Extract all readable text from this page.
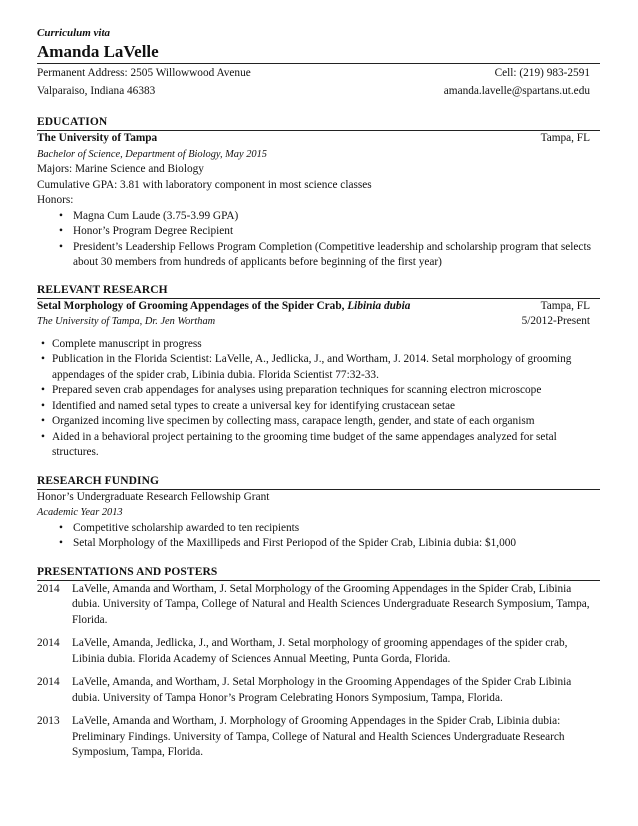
Curriculum vita
Amanda LaVelle
Permanent Address: 2505 Willowwood Avenue	Cell: (219) 983-2591
Valparaiso, Indiana 46383	amanda.lavelle@spartans.ut.edu
EDUCATION
The University of Tampa	Tampa, FL
Bachelor of Science, Department of Biology, May 2015
Majors: Marine Science and Biology
Cumulative GPA: 3.81 with laboratory component in most science classes
Honors:
• Magna Cum Laude (3.75-3.99 GPA)
• Honor’s Program Degree Recipient
• President’s Leadership Fellows Program Completion (Competitive leadership and scholarship program that selects about 30 members from hundreds of applicants before beginning of the first year)
RELEVANT RESEARCH
Setal Morphology of Grooming Appendages of the Spider Crab, Libinia dubia	Tampa, FL
The University of Tampa, Dr. Jen Wortham	5/2012-Present
• Complete manuscript in progress
• Publication in the Florida Scientist: LaVelle, A., Jedlicka, J., and Wortham, J. 2014. Setal morphology of grooming appendages of the spider crab, Libinia dubia. Florida Scientist 77:32-33.
• Prepared seven crab appendages for analyses using preparation techniques for scanning electron microscope
• Identified and named setal types to create a universal key for identifying crustacean setae
• Organized incoming live specimen by collecting mass, carapace length, gender, and state of each organism
• Aided in a behavioral project pertaining to the grooming time budget of the same appendages analyzed for setal structures.
RESEARCH FUNDING
Honor’s Undergraduate Research Fellowship Grant
Academic Year 2013
• Competitive scholarship awarded to ten recipients
• Setal Morphology of the Maxillipeds and First Periopod of the Spider Crab, Libinia dubia: $1,000
PRESENTATIONS AND POSTERS
2014	LaVelle, Amanda and Wortham, J. Setal Morphology of the Grooming Appendages in the Spider Crab, Libinia dubia. University of Tampa, College of Natural and Health Sciences Undergraduate Research Symposium, Tampa, Florida.
2014	LaVelle, Amanda, Jedlicka, J., and Wortham, J. Setal morphology of grooming appendages of the spider crab, Libinia dubia. Florida Academy of Sciences Annual Meeting, Punta Gorda, Florida.
2014	LaVelle, Amanda, and Wortham, J. Setal Morphology in the Grooming Appendages of the Spider Crab Libinia dubia. University of Tampa Honor’s Program Celebrating Honors Symposium, Tampa, Florida.
2013	LaVelle, Amanda and Wortham, J. Morphology of Grooming Appendages in the Spider Crab, Libinia dubia: Preliminary Findings. University of Tampa, College of Natural and Health Sciences Undergraduate Research Symposium, Tampa, Florida.
